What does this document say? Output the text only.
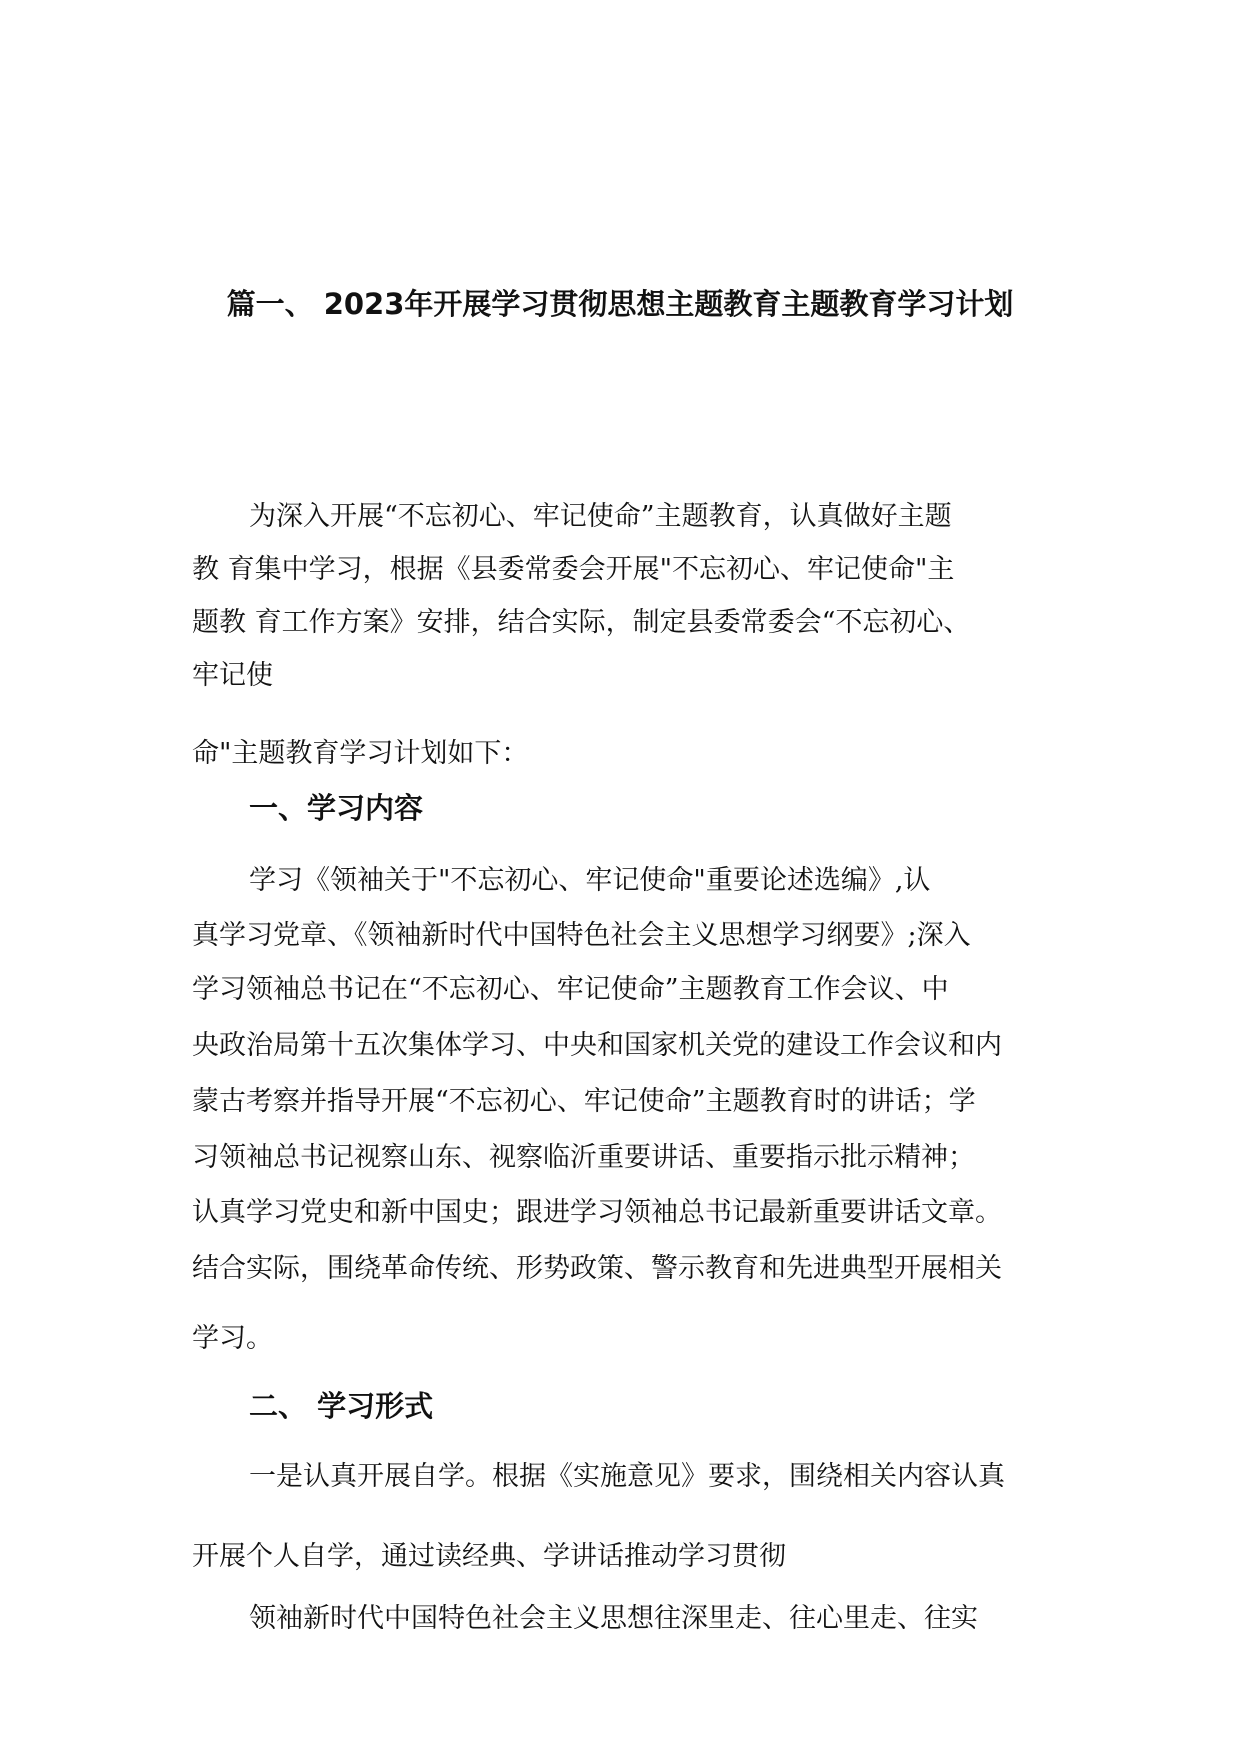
篇一、 2023年开展学习贯彻思想主题教育主题教育学习计划
为深入开展“不忘初心、牢记使命”主题教育，认真做好主题
教 育集中学习，根据《县委常委会开展"不忘初心、牢记使命"主
题教 育工作方案》安排，结合实际，制定县委常委会“不忘初心、
牢记使
命"主题教育学习计划如下：
一、学习内容
学习《领袖关于"不忘初心、牢记使命"重要论述选编》,认
真学习党章、《领袖新时代中国特色社会主义思想学习纲要》;深入
学习领袖总书记在“不忘初心、牢记使命”主题教育工作会议、中
央政治局第十五次集体学习、中央和国家机关党的建设工作会议和内
蒙古考察并指导开展“不忘初心、牢记使命”主题教育时的讲话；学
习领袖总书记视察山东、视察临沂重要讲话、重要指示批示精神；
认真学习党史和新中国史；跟进学习领袖总书记最新重要讲话文章。
结合实际，围绕革命传统、形势政策、警示教育和先进典型开展相关
学习。
二、 学习形式
一是认真开展自学。根据《实施意见》要求，围绕相关内容认真
开展个人自学，通过读经典、学讲话推动学习贯彻
领袖新时代中国特色社会主义思想往深里走、往心里走、往实
